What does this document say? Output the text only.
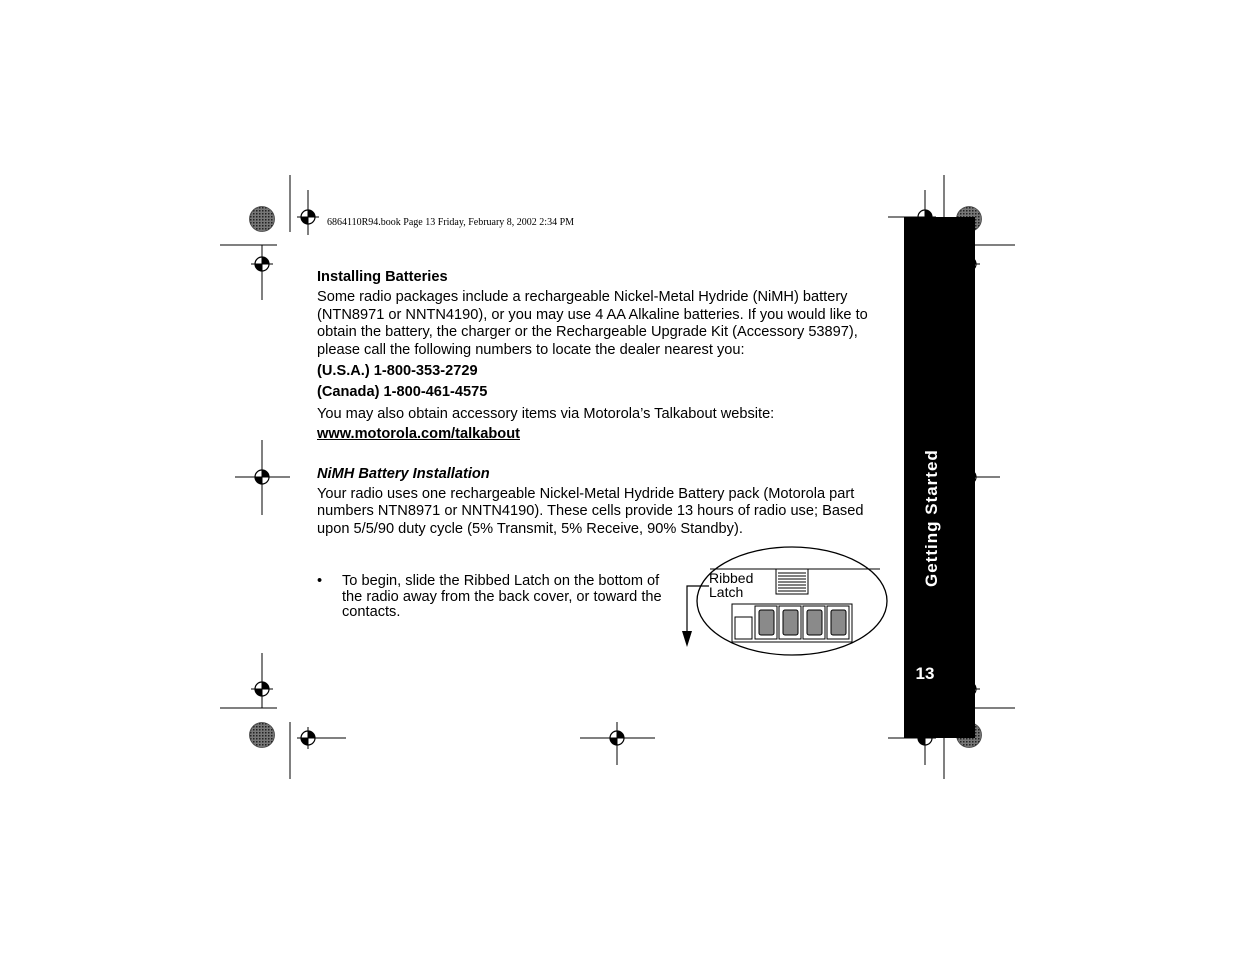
6864110R94.book Page 13 Friday, February 8, 2002 2:34 PM
Installing Batteries

Some radio packages include a rechargeable Nickel-Metal Hydride (NiMH) battery (NTN8971 or NNTN4190), or you may use 4 AA Alkaline batteries. If you would like to obtain the battery, the charger or the Rechargeable Upgrade Kit (Accessory 53897), please call the following numbers to locate the dealer nearest you:

(U.S.A.) 1-800-353-2729

(Canada) 1-800-461-4575

You may also obtain accessory items via Motorola’s Talkabout website:

www.motorola.com/talkabout

NiMH Battery Installation

Your radio uses one rechargeable Nickel-Metal Hydride Battery pack (Motorola part numbers NTN8971 or NNTN4190). These cells provide 13 hours of radio use; Based upon 5/5/90 duty cycle (5% Transmit, 5% Receive, 90% Standby).

•	To begin, slide the Ribbed Latch on the bottom of the radio away from the back cover, or toward the contacts.
Ribbed
Latch
Getting Started
13
